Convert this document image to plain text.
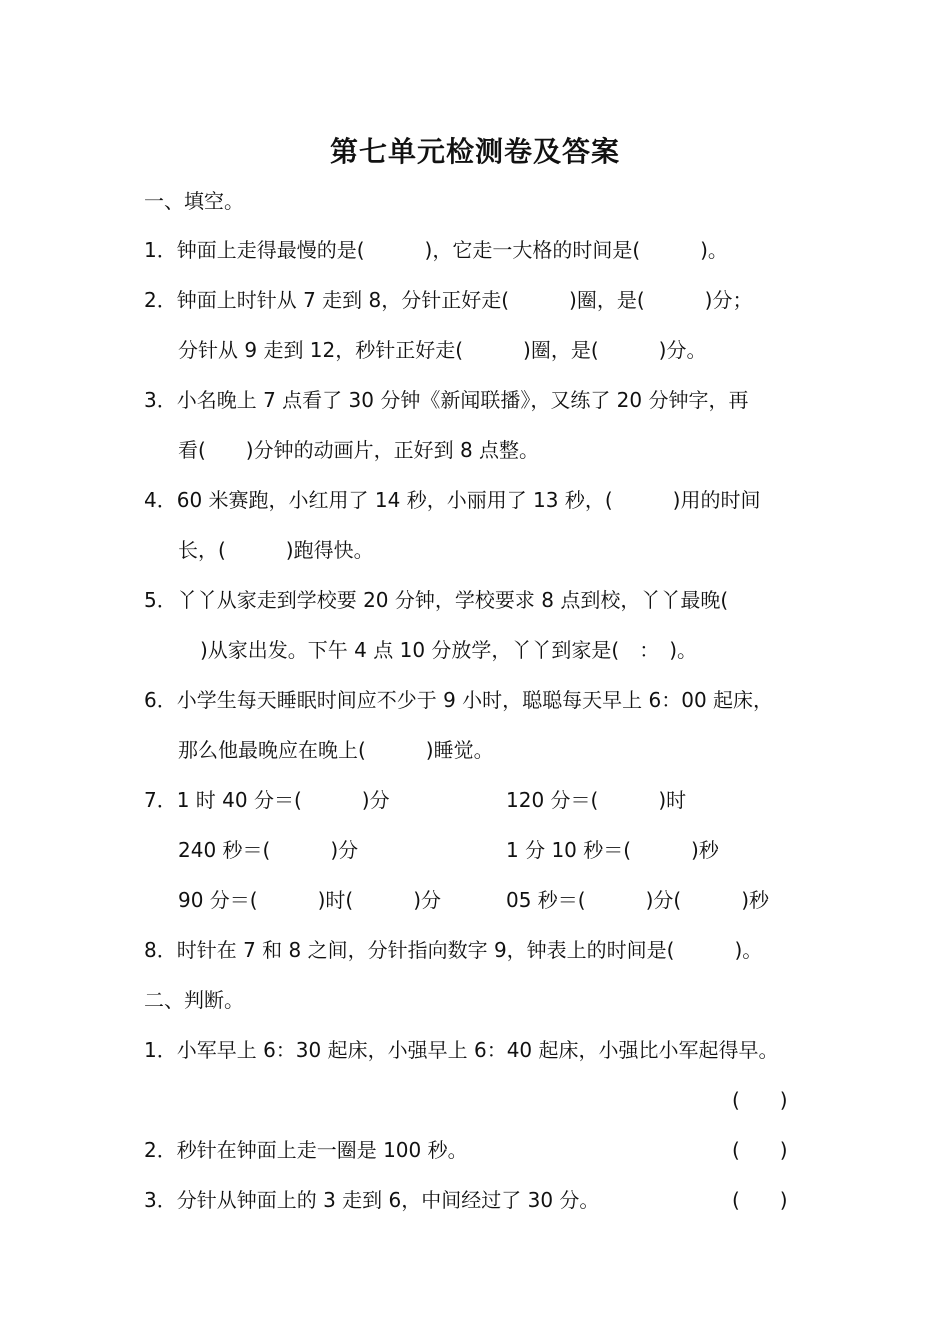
第七单元检测卷及答案
一、填空。
1．钟面上走得最慢的是(　　　)，它走一大格的时间是(　　　)。
2．钟面上时针从 7 走到 8，分针正好走(　　　)圈，是(　　　)分；
分针从 9 走到 12，秒针正好走(　　　)圈，是(　　　)分。
3．小名晚上 7 点看了 30 分钟《新闻联播》，又练了 20 分钟字，再
看(　　)分钟的动画片，正好到 8 点整。
4．60 米赛跑，小红用了 14 秒，小丽用了 13 秒，(　　　)用的时间
长，(　　　)跑得快。
5．丫丫从家走到学校要 20 分钟，学校要求 8 点到校，丫丫最晚(
)从家出发。下午 4 点 10 分放学，丫丫到家是(　：　)。
6．小学生每天睡眠时间应不少于 9 小时，聪聪每天早上 6：00 起床，
那么他最晚应在晚上(　　　)睡觉。
7．1 时 40 分＝(　　　)分	120 分＝(　　　)时
240 秒＝(　　　)分	1 分 10 秒＝(　　　)秒
90 分＝(　　　)时(　　　)分	05 秒＝(　　　)分(　　　)秒
8．时针在 7 和 8 之间，分针指向数字 9，钟表上的时间是(　　　)。
二、判断。
1．小军早上 6：30 起床，小强早上 6：40 起床，小强比小军起得早。
(　　)
2．秒针在钟面上走一圈是 100 秒。	(　　)
3．分针从钟面上的 3 走到 6，中间经过了 30 分。	(　　)
